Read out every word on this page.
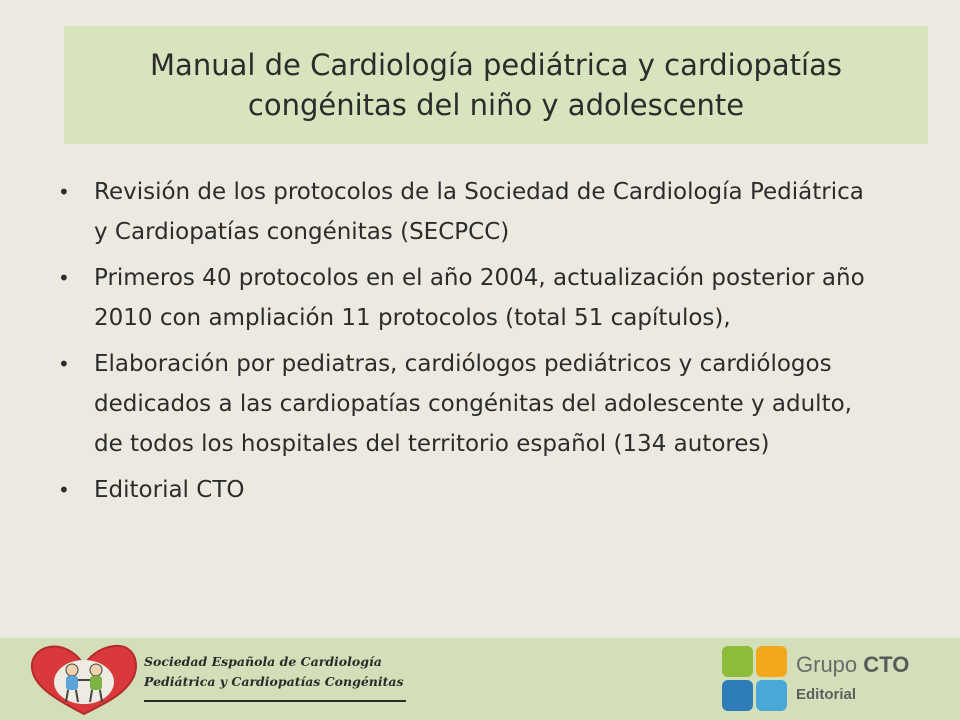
Manual de Cardiología pediátrica y cardiopatías congénitas del niño y adolescente
• Revisión de los protocolos de la Sociedad de Cardiología Pediátrica y Cardiopatías congénitas (SECPCC)
• Primeros 40 protocolos en el año 2004, actualización posterior año 2010 con ampliación 11 protocolos (total 51 capítulos),
• Elaboración por pediatras, cardiólogos pediátricos y cardiólogos dedicados a las cardiopatías congénitas del adolescente y adulto, de todos los hospitales del territorio español (134 autores)
• Editorial CTO
Sociedad Española de Cardiología
Pediátrica y Cardiopatías Congénitas
Grupo CTO
Editorial
